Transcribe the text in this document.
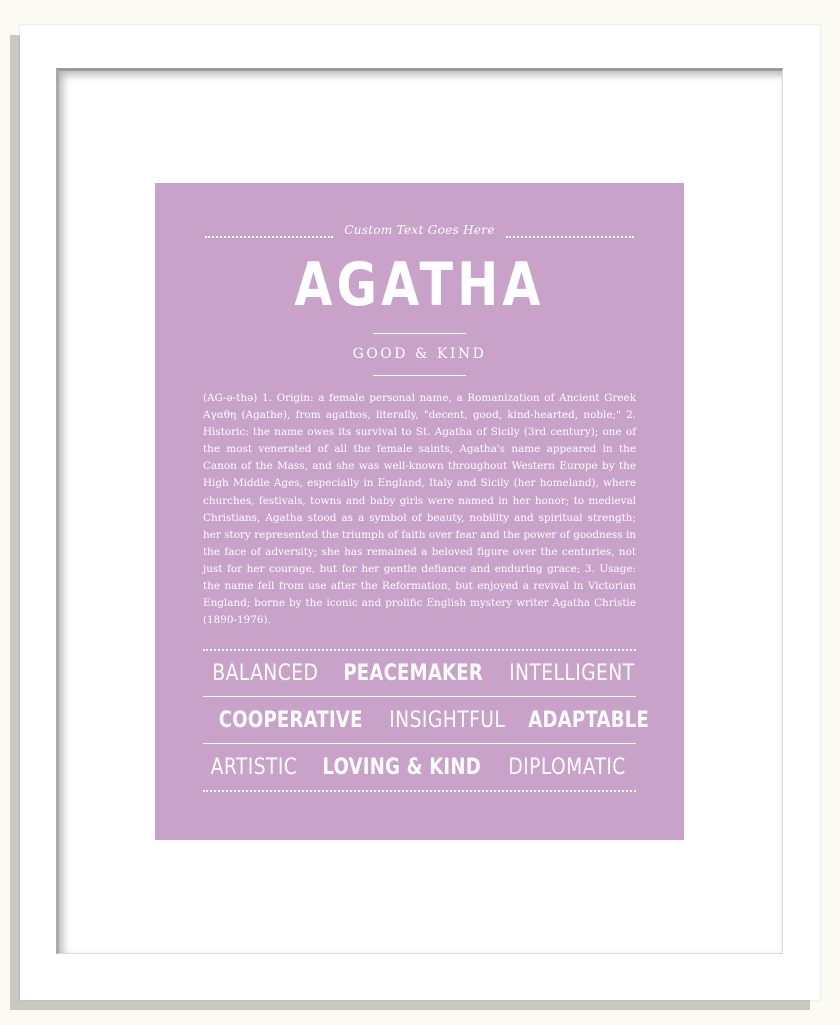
Custom Text Goes Here
AGATHA
GOOD & KIND
(AG-ə-thə) 1. Origin: a female personal name, a Romanization of Ancient Greek Αγαθη (Agathe), from agathos, literally, "decent, good, kind-hearted, noble;" 2. Historic: the name owes its survival to St. Agatha of Sicily (3rd century); one of the most venerated of all the female saints, Agatha's name appeared in the Canon of the Mass, and she was well-known throughout Western Europe by the High Middle Ages, especially in England, Italy and Sicily (her homeland), where churches, festivals, towns and baby girls were named in her honor; to medieval Christians, Agatha stood as a symbol of beauty, nobility and spiritual strength; her story represented the triumph of faith over fear and the power of goodness in the face of adversity; she has remained a beloved figure over the centuries, not just for her courage, but for her gentle defiance and enduring grace; 3. Usage: the name fell from use after the Reformation, but enjoyed a revival in Victorian England; borne by the iconic and prolific English mystery writer Agatha Christie (1890-1976).
BALANCED PEACEMAKER INTELLIGENT
COOPERATIVE INSIGHTFUL ADAPTABLE
ARTISTIC LOVING & KIND DIPLOMATIC
